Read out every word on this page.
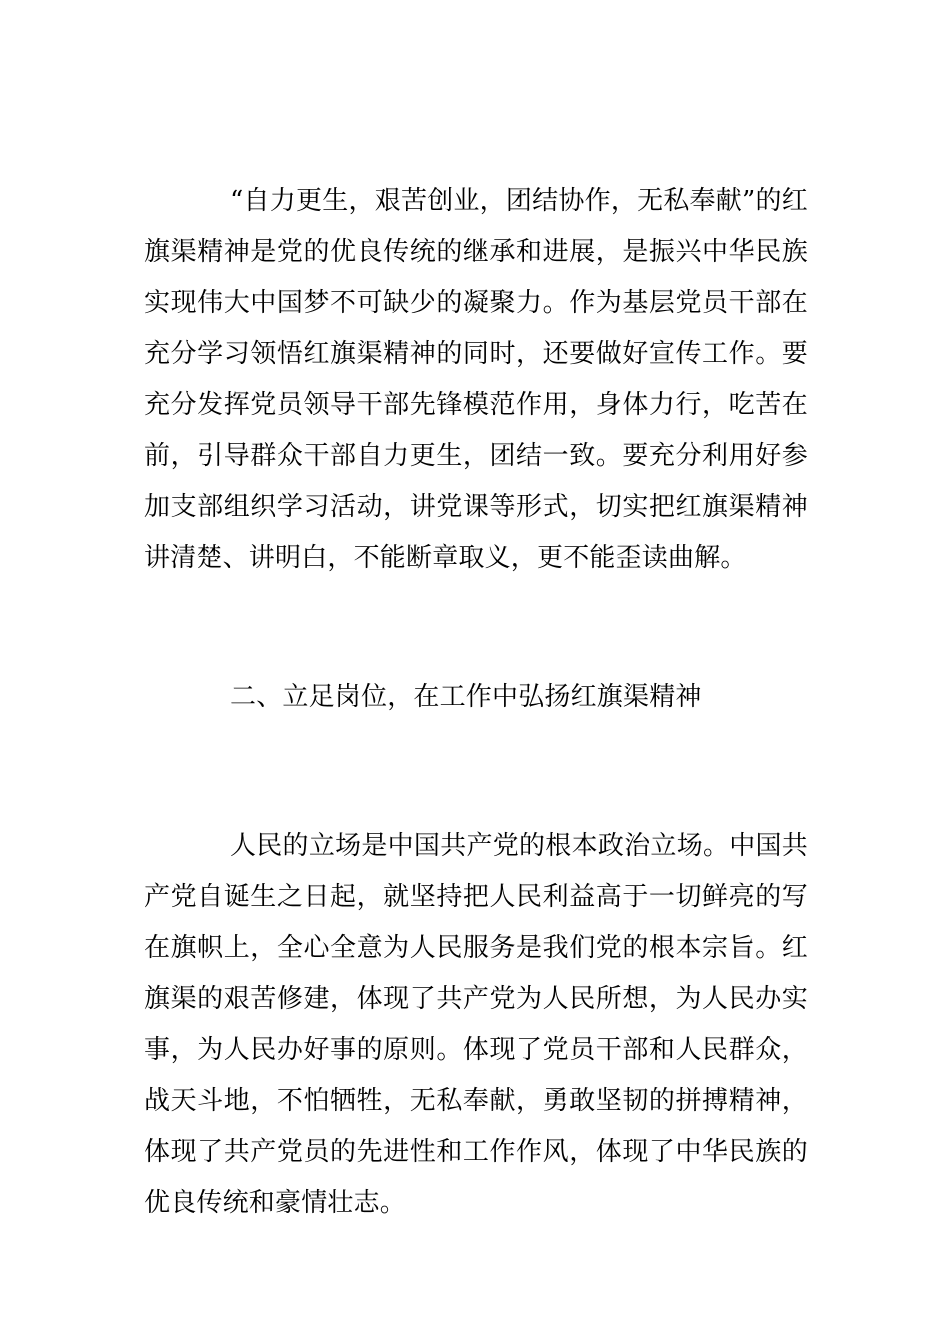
“自力更生，艰苦创业，团结协作，无私奉献”的红旗渠精神是党的优良传统的继承和进展，是振兴中华民族实现伟大中国梦不可缺少的凝聚力。作为基层党员干部在充分学习领悟红旗渠精神的同时，还要做好宣传工作。要充分发挥党员领导干部先锋模范作用，身体力行，吃苦在前，引导群众干部自力更生，团结一致。要充分利用好参加支部组织学习活动，讲党课等形式，切实把红旗渠精神讲清楚、讲明白，不能断章取义，更不能歪读曲解。

二、立足岗位，在工作中弘扬红旗渠精神

人民的立场是中国共产党的根本政治立场。中国共产党自诞生之日起，就坚持把人民利益高于一切鲜亮的写在旗帜上，全心全意为人民服务是我们党的根本宗旨。红旗渠的艰苦修建，体现了共产党为人民所想，为人民办实事，为人民办好事的原则。体现了党员干部和人民群众，战天斗地，不怕牺牲，无私奉献，勇敢坚韧的拼搏精神，体现了共产党员的先进性和工作作风，体现了中华民族的优良传统和豪情壮志。
